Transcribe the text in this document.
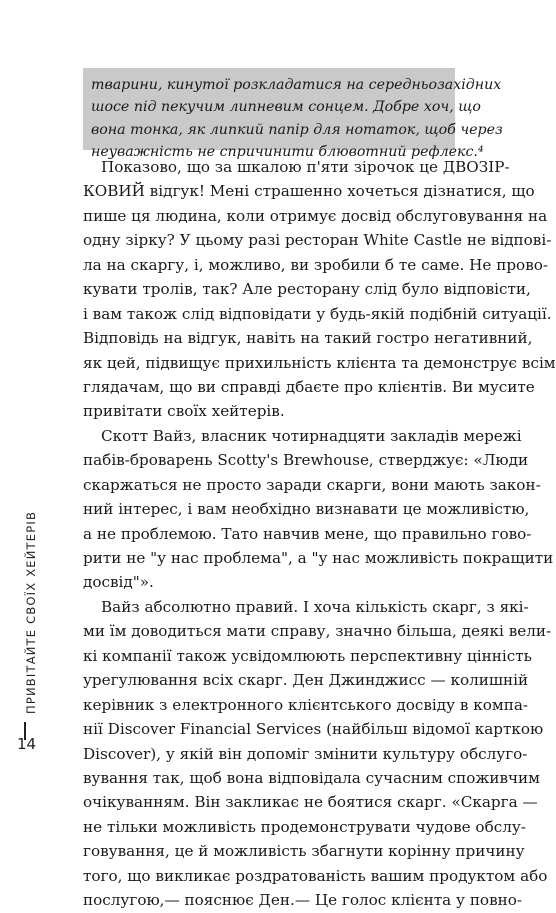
тварини, кинутої розкладатися на середньозахідних
шосе під пекучим липневим сонцем. Добре хоч, що
вона тонка, як липкий папір для нотаток, щоб через
неуважність не спричинити блювотний рефлекс.⁴
Показово, що за шкалою п'яти зірочок це ДВОЗІР-
КОВИЙ відгук! Мені страшенно хочеться дізнатися, що
пише ця людина, коли отримує досвід обслуговування на
одну зірку? У цьому разі ресторан White Castle не відпові-
ла на скаргу, і, можливо, ви зробили б те саме. Не прово-
кувати тролів, так? Але ресторану слід було відповісти,
і вам також слід відповідати у будь-якій подібній ситуації.
Відповідь на відгук, навіть на такий гостро негативний,
як цей, підвищує прихильність клієнта та демонструє всім
глядачам, що ви справді дбаєте про клієнтів. Ви мусите
привітати своїх хейтерів.
Скотт Вайз, власник чотирнадцяти закладів мережі
пабів-броварень Scotty's Brewhouse, стверджує: «Люди
скаржаться не просто заради скарги, вони мають закон-
ний інтерес, і вам необхідно визнавати це можливістю,
а не проблемою. Тато навчив мене, що правильно гово-
рити не "у нас проблема", а "у нас можливість покращити
досвід"».
Вайз абсолютно правий. І хоча кількість скарг, з які-
ми їм доводиться мати справу, значно більша, деякі вели-
кі компанії також усвідомлюють перспективну цінність
урегулювання всіх скарг. Ден Джинджисс — колишній
керівник з електронного клієнтського досвіду в компа-
нії Discover Financial Services (найбільш відомої карткою
Discover), у якій він допоміг змінити культуру обслуго-
вування так, щоб вона відповідала сучасним споживчим
очікуванням. Він закликає не боятися скарг. «Скарга —
не тільки можливість продемонструвати чудове обслу-
говування, це й можливість збагнути корінну причину
того, що викликає роздратованість вашим продуктом або
послугою,— пояснює Ден.— Це голос клієнта у повно-
ПРИВІТАЙТЕ СВОЇХ ХЕЙТЕРІВ
14
